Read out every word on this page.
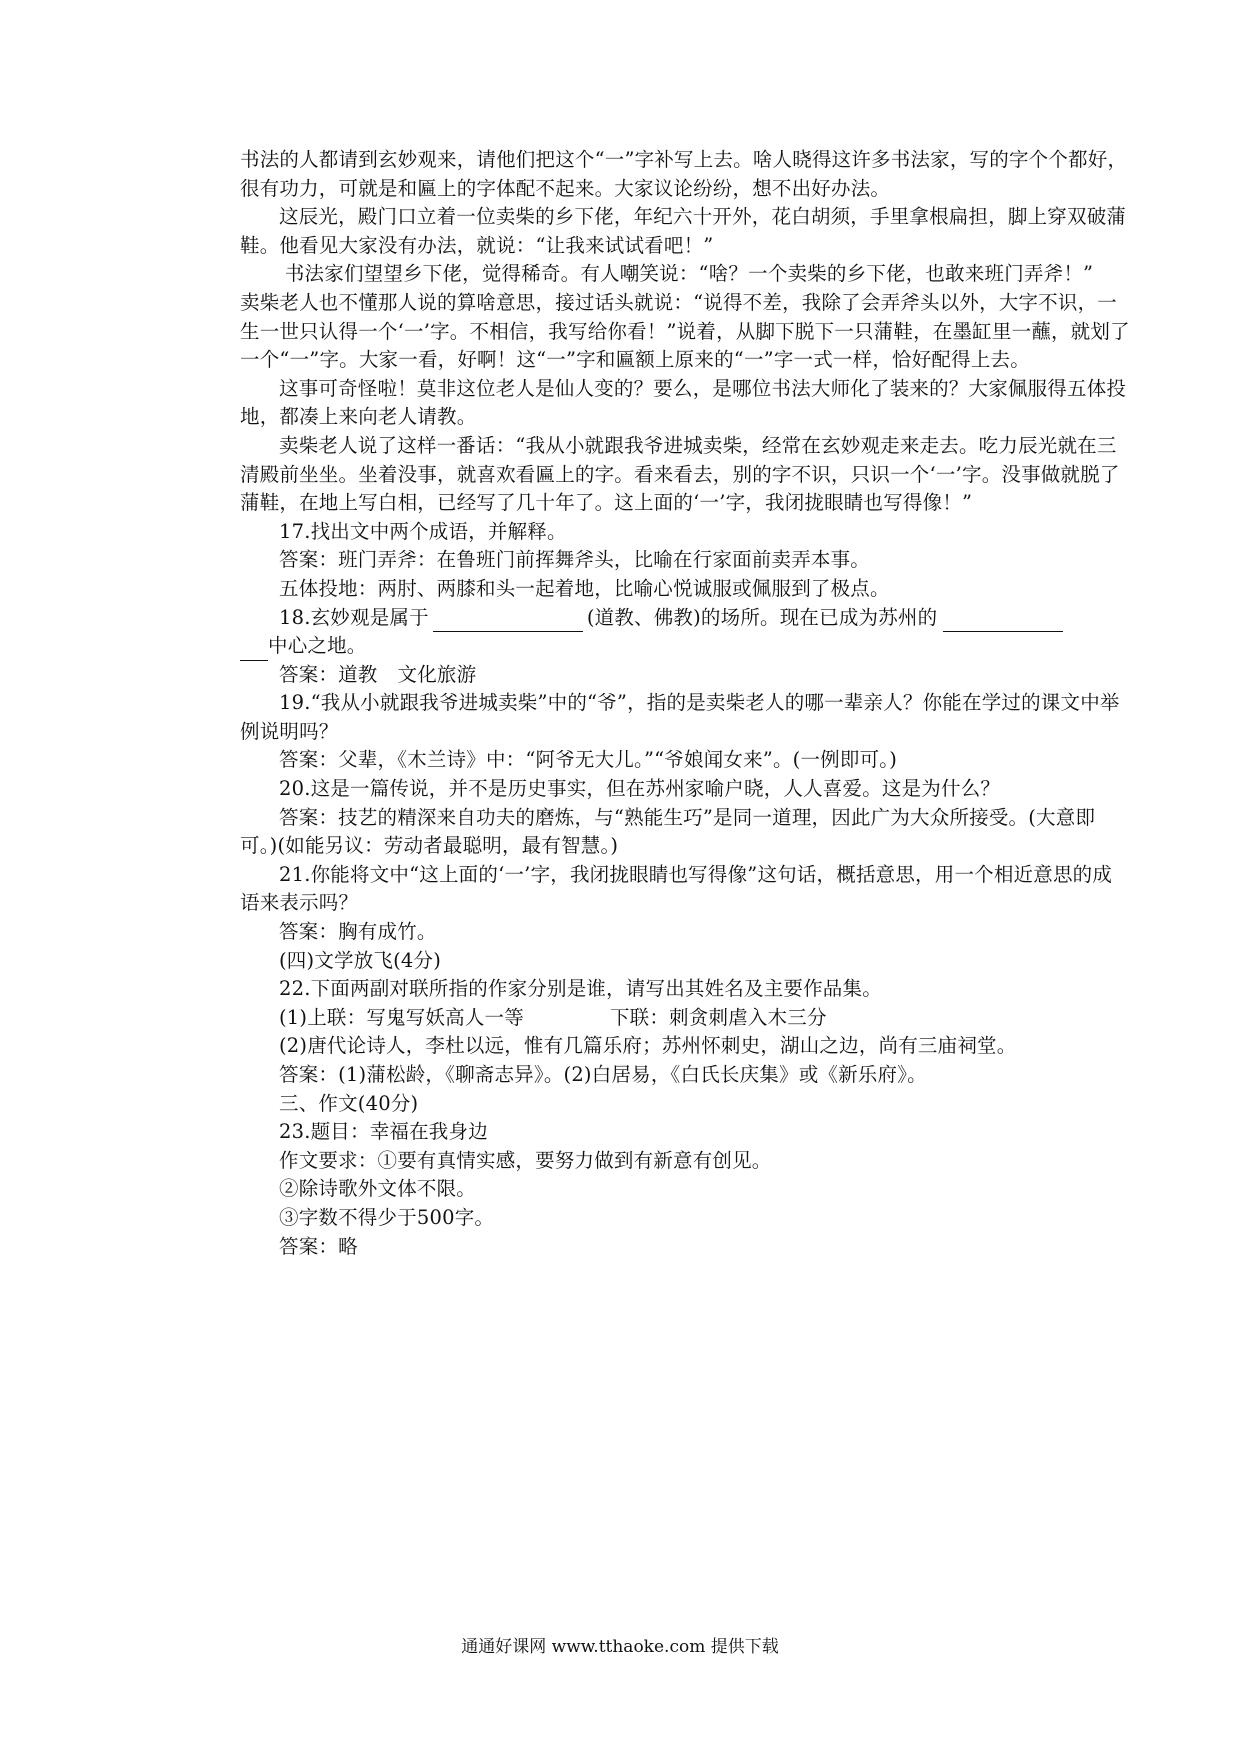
书法的人都请到玄妙观来，请他们把这个“一”字补写上去。啥人晓得这许多书法家，写的字个个都好，很有功力，可就是和匾上的字体配不起来。大家议论纷纷，想不出好办法。

这辰光，殿门口立着一位卖柴的乡下佬，年纪六十开外，花白胡须，手里拿根扁担，脚上穿双破蒲鞋。他看见大家没有办法，就说：“让我来试试看吧！”

书法家们望望乡下佬，觉得稀奇。有人嘲笑说：“啥？一个卖柴的乡下佬，也敢来班门弄斧！”

卖柴老人也不懂那人说的算啥意思，接过话头就说：“说得不差，我除了会弄斧头以外，大字不识，一生一世只认得一个‘一’字。不相信，我写给你看！”说着，从脚下脱下一只蒲鞋，在墨缸里一蘸，就划了一个“一”字。大家一看，好啊！这“一”字和匾额上原来的“一”字一式一样，恰好配得上去。

这事可奇怪啦！莫非这位老人是仙人变的？要么，是哪位书法大师化了装来的？大家佩服得五体投地，都凑上来向老人请教。

卖柴老人说了这样一番话：“我从小就跟我爷进城卖柴，经常在玄妙观走来走去。吃力辰光就在三清殿前坐坐。坐着没事，就喜欢看匾上的字。看来看去，别的字不识，只识一个‘一’字。没事做就脱了蒲鞋，在地上写白相，已经写了几十年了。这上面的‘一’字，我闭拢眼睛也写得像！”

17.找出文中两个成语，并解释。

答案：班门弄斧：在鲁班门前挥舞斧头，比喻在行家面前卖弄本事。

五体投地：两肘、两膝和头一起着地，比喻心悦诚服或佩服到了极点。

18.玄妙观是属于	(道教、佛教)的场所。现在已成为苏州的
中心之地。

答案：道教 文化旅游

19.“我从小就跟我爷进城卖柴”中的“爷”，指的是卖柴老人的哪一辈亲人？你能在学过的课文中举例说明吗？

答案：父辈，《木兰诗》中：“阿爷无大儿。”“爷娘闻女来”。(一例即可。)

20.这是一篇传说，并不是历史事实，但在苏州家喻户晓，人人喜爱。这是为什么？

答案：技艺的精深来自功夫的磨炼，与“熟能生巧”是同一道理，因此广为大众所接受。(大意即可。)(如能另议：劳动者最聪明，最有智慧。)

21.你能将文中“这上面的‘一’字，我闭拢眼睛也写得像”这句话，概括意思，用一个相近意思的成语来表示吗？

答案：胸有成竹。

(四)文学放飞(4分)

22.下面两副对联所指的作家分别是谁，请写出其姓名及主要作品集。

(1)上联：写鬼写妖高人一等	下联：刺贪刺虐入木三分

(2)唐代论诗人，李杜以远，惟有几篇乐府；苏州怀刺史，湖山之边，尚有三庙祠堂。

答案：(1)蒲松龄，《聊斋志异》。(2)白居易，《白氏长庆集》或《新乐府》。

三、作文(40分)

23.题目：幸福在我身边

作文要求：①要有真情实感，要努力做到有新意有创见。

②除诗歌外文体不限。

③字数不得少于500字。

答案：略

通通好课网 www.tthaoke.com 提供下载
